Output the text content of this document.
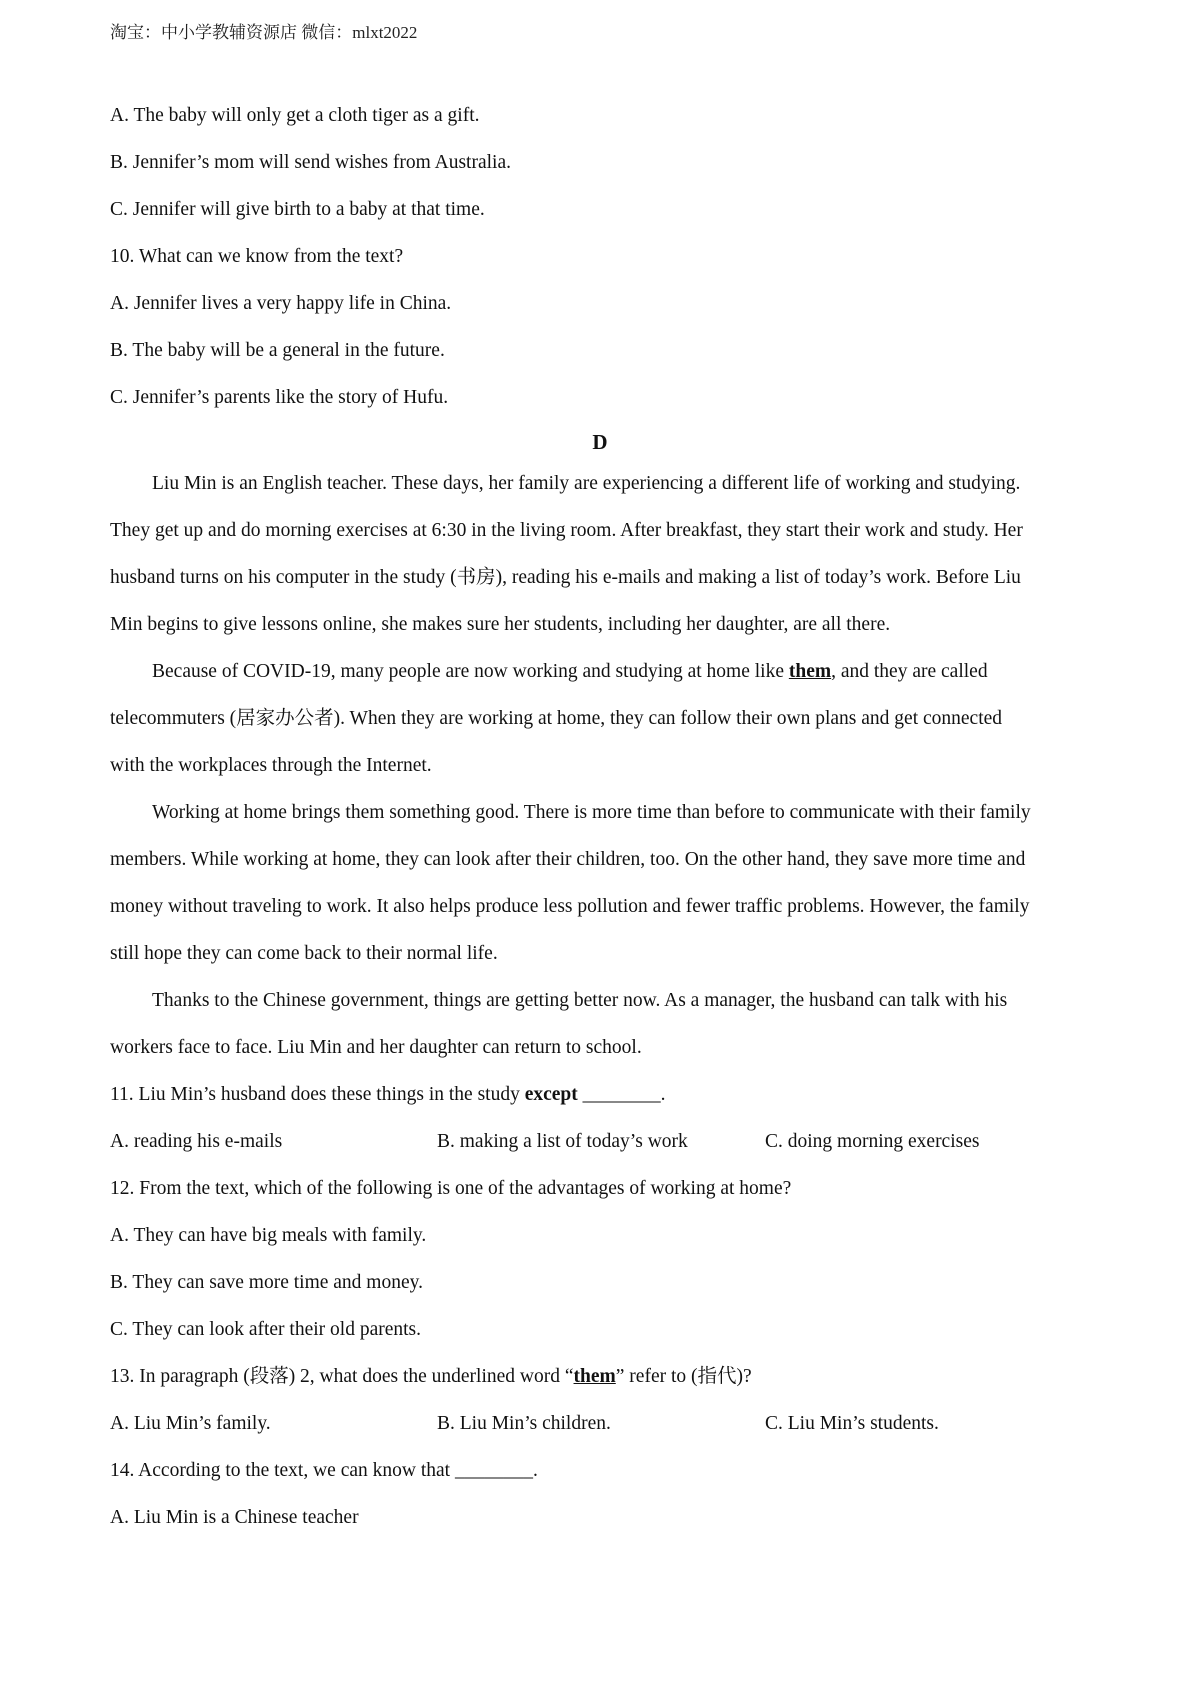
淘宝：中小学教辅资源店 微信：mlxt2022
A. The baby will only get a cloth tiger as a gift.
B. Jennifer’s mom will send wishes from Australia.
C. Jennifer will give birth to a baby at that time.
10. What can we know from the text?
A. Jennifer lives a very happy life in China.
B. The baby will be a general in the future.
C. Jennifer’s parents like the story of Hufu.
D
Liu Min is an English teacher. These days, her family are experiencing a different life of working and studying.
They get up and do morning exercises at 6:30 in the living room. After breakfast, they start their work and study. Her
husband turns on his computer in the study (书房), reading his e-mails and making a list of today’s work. Before Liu
Min begins to give lessons online, she makes sure her students, including her daughter, are all there.
Because of COVID-19, many people are now working and studying at home like them, and they are called
telecommuters (居家办公者). When they are working at home, they can follow their own plans and get connected
with the workplaces through the Internet.
Working at home brings them something good. There is more time than before to communicate with their family
members. While working at home, they can look after their children, too. On the other hand, they save more time and
money without traveling to work. It also helps produce less pollution and fewer traffic problems. However, the family
still hope they can come back to their normal life.
Thanks to the Chinese government, things are getting better now. As a manager, the husband can talk with his
workers face to face. Liu Min and her daughter can return to school.
11. Liu Min’s husband does these things in the study except ________.
A. reading his e-mails	B. making a list of today’s work	C. doing morning exercises
12. From the text, which of the following is one of the advantages of working at home?
A. They can have big meals with family.
B. They can save more time and money.
C. They can look after their old parents.
13. In paragraph (段落) 2, what does the underlined word “them” refer to (指代)?
A. Liu Min’s family.	B. Liu Min’s children.	C. Liu Min’s students.
14. According to the text, we can know that ________.
A. Liu Min is a Chinese teacher
